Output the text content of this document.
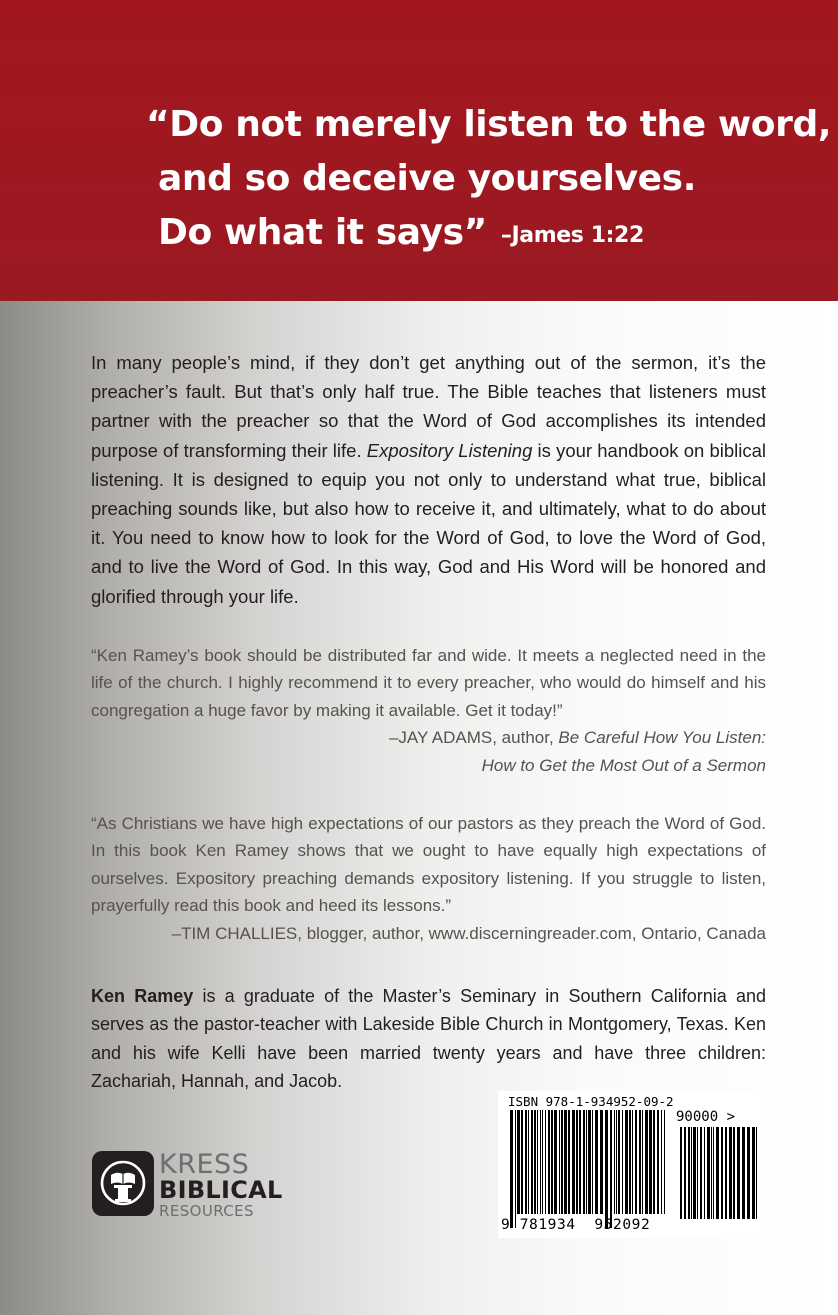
“Do not merely listen to the word,
and so deceive yourselves.
Do what it says” –James 1:22

In many people’s mind, if they don’t get anything out of the sermon, it’s the preacher’s fault. But that’s only half true. The Bible teaches that listeners must partner with the preacher so that the Word of God accomplishes its intended purpose of transforming their life. Expository Listening is your handbook on biblical listening. It is designed to equip you not only to understand what true, biblical preaching sounds like, but also how to receive it, and ultimately, what to do about it. You need to know how to look for the Word of God, to love the Word of God, and to live the Word of God. In this way, God and His Word will be honored and glorified through your life.

“Ken Ramey’s book should be distributed far and wide. It meets a neglected need in the life of the church. I highly recommend it to every preacher, who would do himself and his congregation a huge favor by making it available. Get it today!”

–JAY ADAMS, author, Be Careful How You Listen:
How to Get the Most Out of a Sermon

“As Christians we have high expectations of our pastors as they preach the Word of God. In this book Ken Ramey shows that we ought to have equally high expectations of ourselves. Expository preaching demands expository listening. If you struggle to listen, prayerfully read this book and heed its lessons.”

–TIM CHALLIES, blogger, author, www.discerningreader.com, Ontario, Canada

Ken Ramey is a graduate of the Master’s Seminary in Southern California and serves as the pastor-teacher with Lakeside Bible Church in Montgomery, Texas. Ken and his wife Kelli have been married twenty years and have three children: Zachariah, Hannah, and Jacob.

KRESS
BIBLICAL
RESOURCES
ISBN 978-1-934952-09-2
90000 >
9 781934 952092
